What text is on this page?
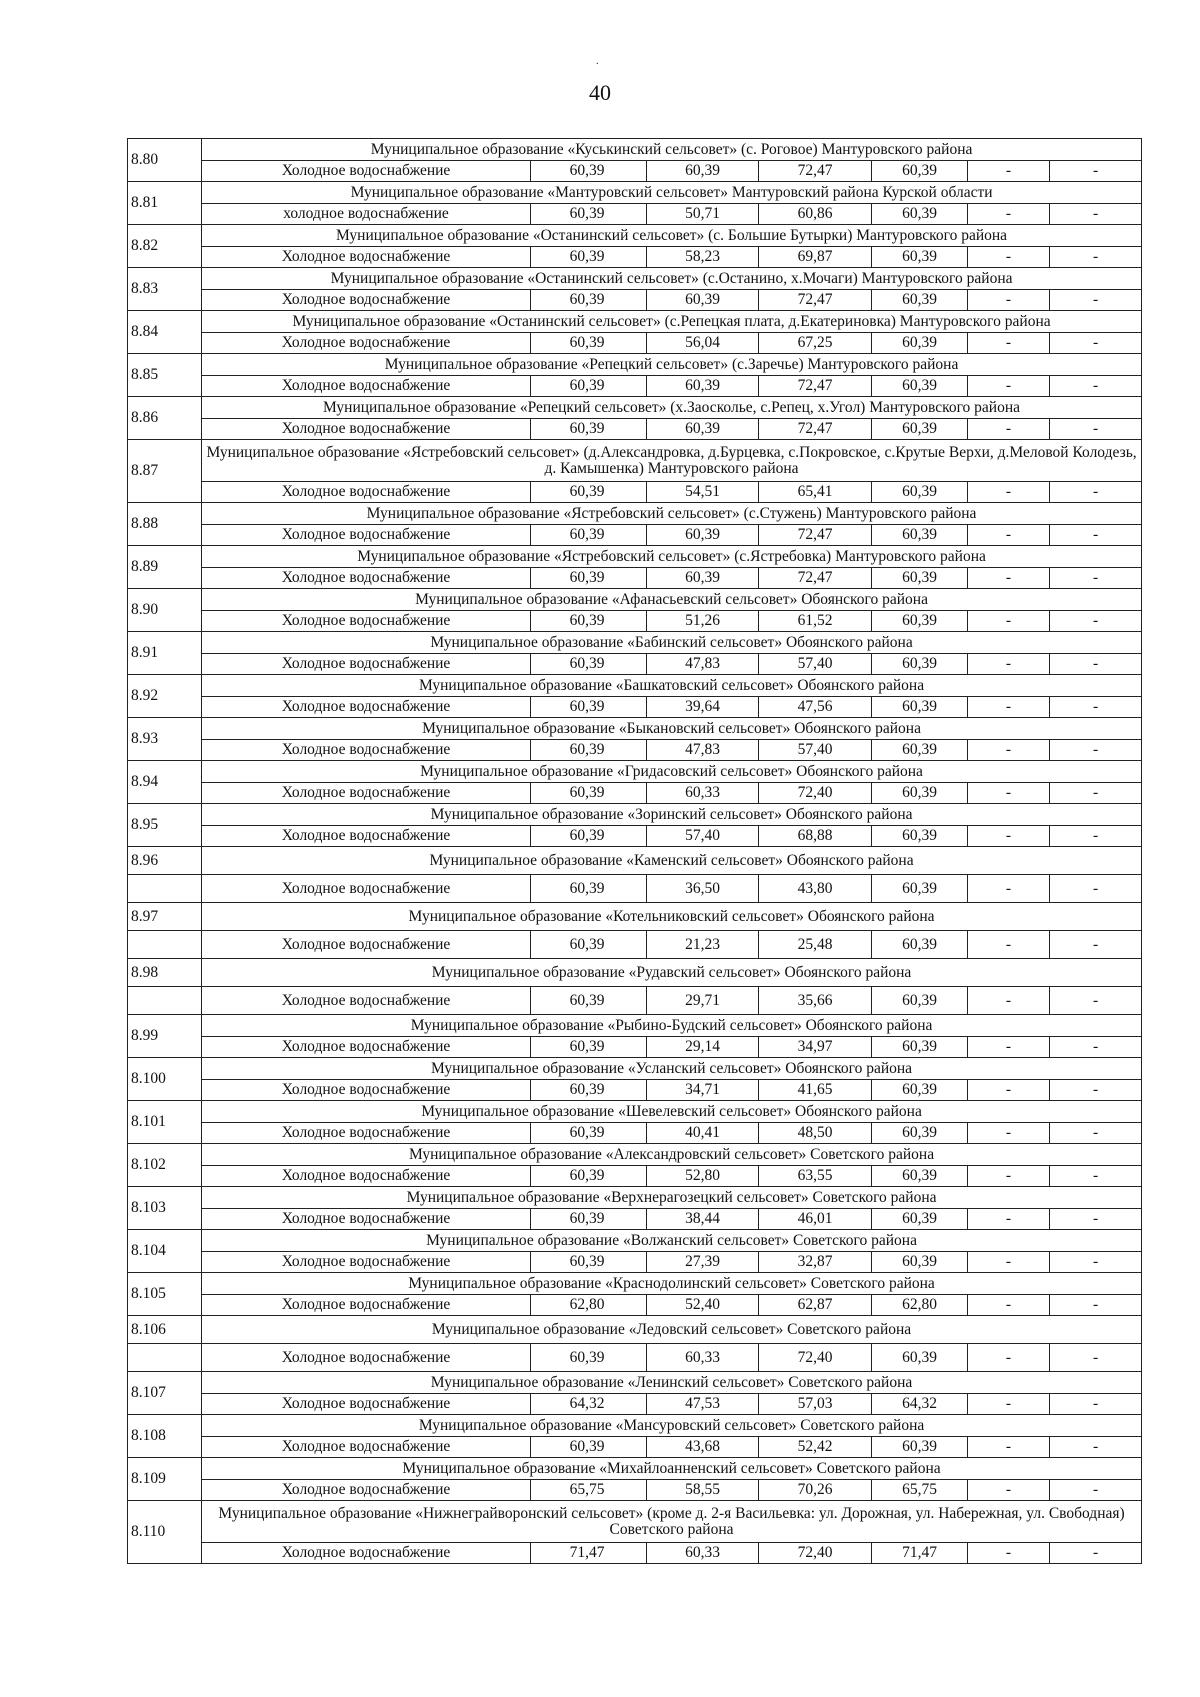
.
40
8.80	Муниципальное образование «Куськинский сельсовет» (с. Роговое) Мантуровского района						
	Холодное водоснабжение	60,39	60,39	72,47	60,39	-	-
8.81	Муниципальное образование «Мантуровский сельсовет» Мантуровский района Курской области						
	холодное водоснабжение	60,39	50,71	60,86	60,39	-	-
8.82	Муниципальное образование «Останинский сельсовет» (с. Большие Бутырки) Мантуровского района						
	Холодное водоснабжение	60,39	58,23	69,87	60,39	-	-
8.83	Муниципальное образование «Останинский сельсовет» (с.Останино, х.Мочаги) Мантуровского района						
	Холодное водоснабжение	60,39	60,39	72,47	60,39	-	-
8.84	Муниципальное образование «Останинский сельсовет» (с.Репецкая плата, д.Екатериновка) Мантуровского района						
	Холодное водоснабжение	60,39	56,04	67,25	60,39	-	-
8.85	Муниципальное образование «Репецкий сельсовет» (с.Заречье) Мантуровского района						
	Холодное водоснабжение	60,39	60,39	72,47	60,39	-	-
8.86	Муниципальное образование «Репецкий сельсовет» (х.Заосколье, с.Репец, х.Угол) Мантуровского района						
	Холодное водоснабжение	60,39	60,39	72,47	60,39	-	-
8.87	Муниципальное образование «Ястребовский сельсовет» (д.Александровка, д.Бурцевка, с.Покровское, с.Крутые Верхи, д.Меловой Колодезь, д. Камышенка) Мантуровского района						
	Холодное водоснабжение	60,39	54,51	65,41	60,39	-	-
8.88	Муниципальное образование «Ястребовский сельсовет» (с.Стужень) Мантуровского района						
	Холодное водоснабжение	60,39	60,39	72,47	60,39	-	-
8.89	Муниципальное образование «Ястребовский сельсовет» (с.Ястребовка) Мантуровского района						
	Холодное водоснабжение	60,39	60,39	72,47	60,39	-	-
8.90	Муниципальное образование «Афанасьевский сельсовет» Обоянского района						
	Холодное водоснабжение	60,39	51,26	61,52	60,39	-	-
8.91	Муниципальное образование «Бабинский сельсовет» Обоянского района						
	Холодное водоснабжение	60,39	47,83	57,40	60,39	-	-
8.92	Муниципальное образование «Башкатовский сельсовет» Обоянского района						
	Холодное водоснабжение	60,39	39,64	47,56	60,39	-	-
8.93	Муниципальное образование «Быкановский сельсовет» Обоянского района						
	Холодное водоснабжение	60,39	47,83	57,40	60,39	-	-
8.94	Муниципальное образование «Гридасовский сельсовет» Обоянского района						
	Холодное водоснабжение	60,39	60,33	72,40	60,39	-	-
8.95	Муниципальное образование «Зоринский сельсовет» Обоянского района						
	Холодное водоснабжение	60,39	57,40	68,88	60,39	-	-
8.96	Муниципальное образование «Каменский сельсовет» Обоянского района						
	Холодное водоснабжение	60,39	36,50	43,80	60,39	-	-
8.97	Муниципальное образование «Котельниковский сельсовет» Обоянского района						
	Холодное водоснабжение	60,39	21,23	25,48	60,39	-	-
8.98	Муниципальное образование «Рудавский сельсовет» Обоянского района						
	Холодное водоснабжение	60,39	29,71	35,66	60,39	-	-
8.99	Муниципальное образование «Рыбино-Будский сельсовет» Обоянского района						
	Холодное водоснабжение	60,39	29,14	34,97	60,39	-	-
8.100	Муниципальное образование «Усланский сельсовет» Обоянского района						
	Холодное водоснабжение	60,39	34,71	41,65	60,39	-	-
8.101	Муниципальное образование «Шевелевский сельсовет» Обоянского района						
	Холодное водоснабжение	60,39	40,41	48,50	60,39	-	-
8.102	Муниципальное образование «Александровский сельсовет» Советского района						
	Холодное водоснабжение	60,39	52,80	63,55	60,39	-	-
8.103	Муниципальное образование «Верхнерагозецкий сельсовет» Советского района						
	Холодное водоснабжение	60,39	38,44	46,01	60,39	-	-
8.104	Муниципальное образование «Волжанский сельсовет» Советского района						
	Холодное водоснабжение	60,39	27,39	32,87	60,39	-	-
8.105	Муниципальное образование «Краснодолинский сельсовет» Советского района						
	Холодное водоснабжение	62,80	52,40	62,87	62,80	-	-
8.106	Муниципальное образование «Ледовский сельсовет» Советского района						
	Холодное водоснабжение	60,39	60,33	72,40	60,39	-	-
8.107	Муниципальное образование «Ленинский сельсовет» Советского района						
	Холодное водоснабжение	64,32	47,53	57,03	64,32	-	-
8.108	Муниципальное образование «Мансуровский сельсовет» Советского района						
	Холодное водоснабжение	60,39	43,68	52,42	60,39	-	-
8.109	Муниципальное образование «Михайлоанненский сельсовет» Советского района						
	Холодное водоснабжение	65,75	58,55	70,26	65,75	-	-
8.110	Муниципальное образование «Нижнеграйворонский сельсовет» (кроме д. 2-я Васильевка: ул. Дорожная, ул. Набережная, ул. Свободная) Советского района						
	Холодное водоснабжение	71,47	60,33	72,40	71,47	-	-
